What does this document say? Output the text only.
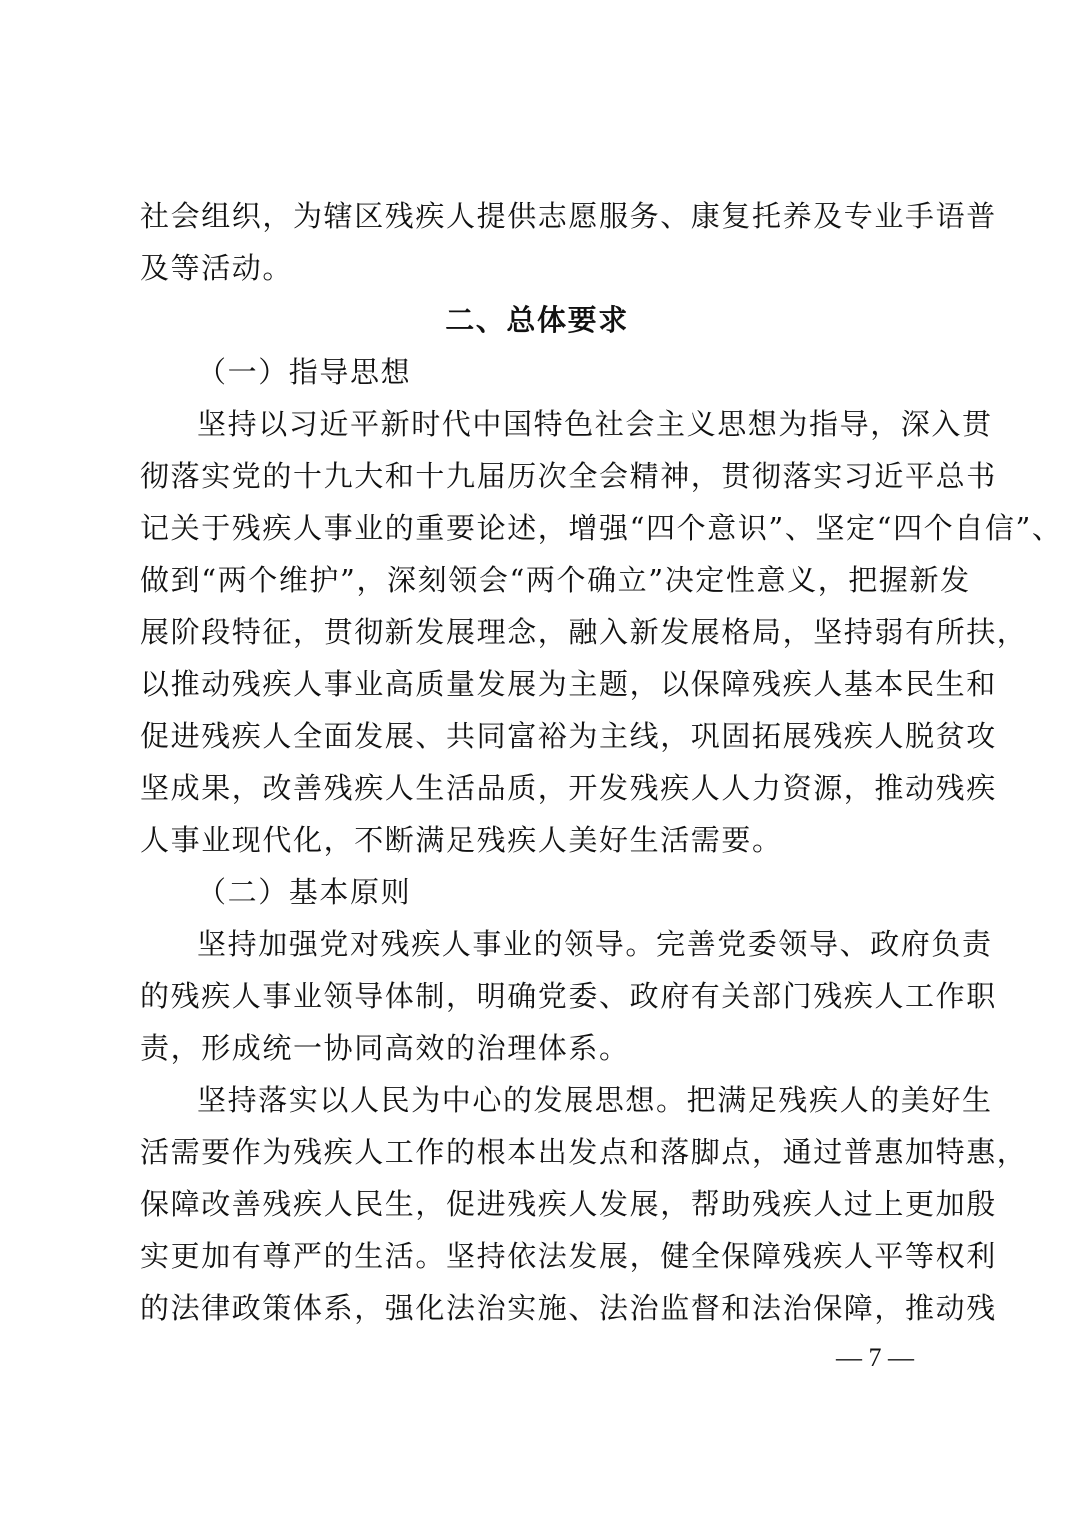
社会组织，为辖区残疾人提供志愿服务、康复托养及专业手语普
及等活动。
二、总体要求
（一）指导思想
坚持以习近平新时代中国特色社会主义思想为指导，深入贯
彻落实党的十九大和十九届历次全会精神，贯彻落实习近平总书
记关于残疾人事业的重要论述，增强“四个意识”、坚定“四个自信”、
做到“两个维护”，深刻领会“两个确立”决定性意义，把握新发
展阶段特征，贯彻新发展理念，融入新发展格局，坚持弱有所扶，
以推动残疾人事业高质量发展为主题，以保障残疾人基本民生和
促进残疾人全面发展、共同富裕为主线，巩固拓展残疾人脱贫攻
坚成果，改善残疾人生活品质，开发残疾人人力资源，推动残疾
人事业现代化，不断满足残疾人美好生活需要。
（二）基本原则
坚持加强党对残疾人事业的领导。完善党委领导、政府负责
的残疾人事业领导体制，明确党委、政府有关部门残疾人工作职
责，形成统一协同高效的治理体系。
坚持落实以人民为中心的发展思想。把满足残疾人的美好生
活需要作为残疾人工作的根本出发点和落脚点，通过普惠加特惠，
保障改善残疾人民生，促进残疾人发展，帮助残疾人过上更加殷
实更加有尊严的生活。坚持依法发展，健全保障残疾人平等权利
的法律政策体系，强化法治实施、法治监督和法治保障，推动残
— 7 —
